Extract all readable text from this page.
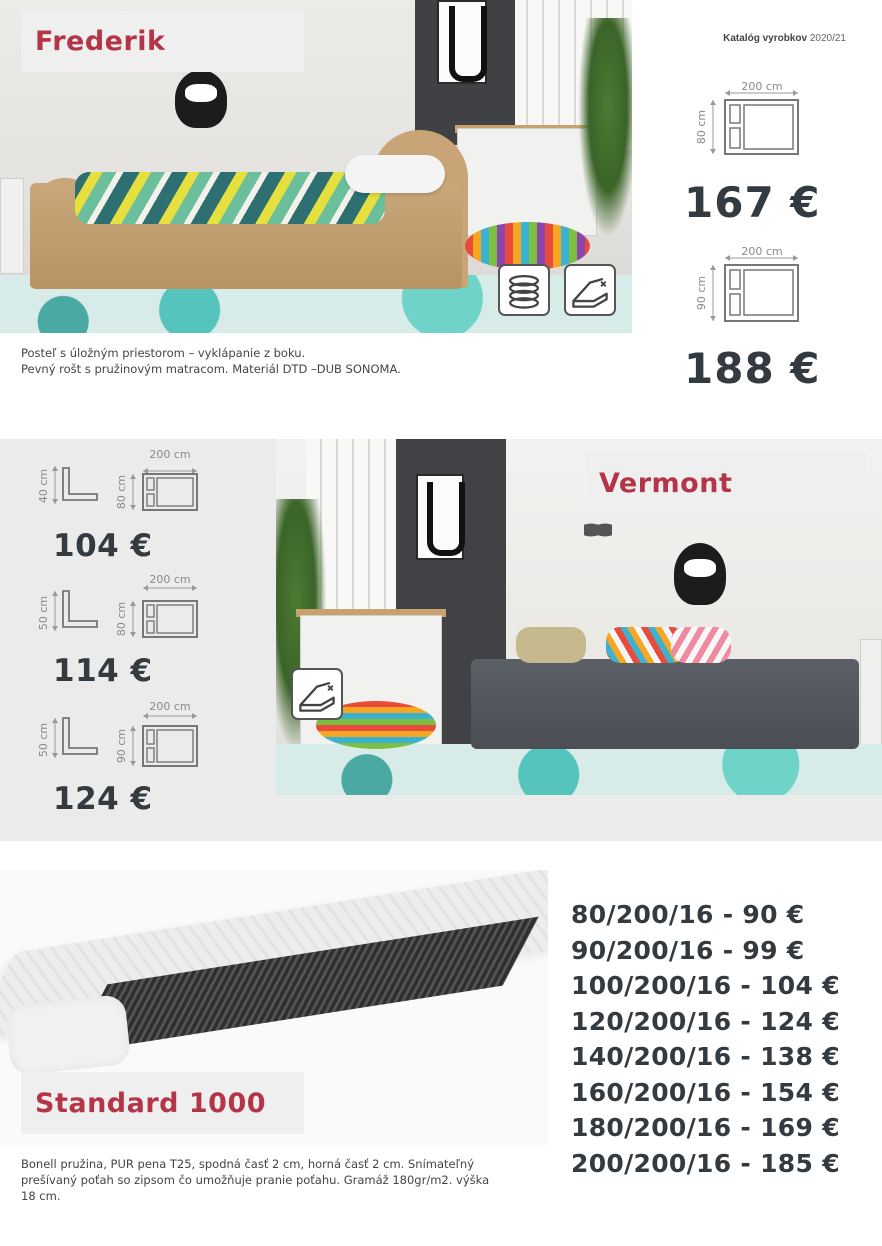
Frederik	Katalóg vyrobkov 2020/21
200 cm
80 cm
167 €
200 cm
90 cm
188 €
Posteľ s úložným priestorom – vyklápanie z boku.
Pevný rošt s pružinovým matracom. Materiál DTD –DUB SONOMA.
Vermont
40 cm
200 cm
80 cm
104 €
50 cm
200 cm
80 cm
114 €
50 cm
200 cm
90 cm
124 €
Standard 1000
Bonell pružina, PUR pena T25, spodná časť 2 cm, horná časť 2 cm. Snímateľný
prešívaný poťah so zipsom čo umožňuje pranie poťahu. Gramáž 180gr/m2. výška
18 cm.
80/200/16 - 90 €
90/200/16 - 99 €
100/200/16 - 104 €
120/200/16 - 124 €
140/200/16 - 138 €
160/200/16 - 154 €
180/200/16 - 169 €
200/200/16 - 185 €
